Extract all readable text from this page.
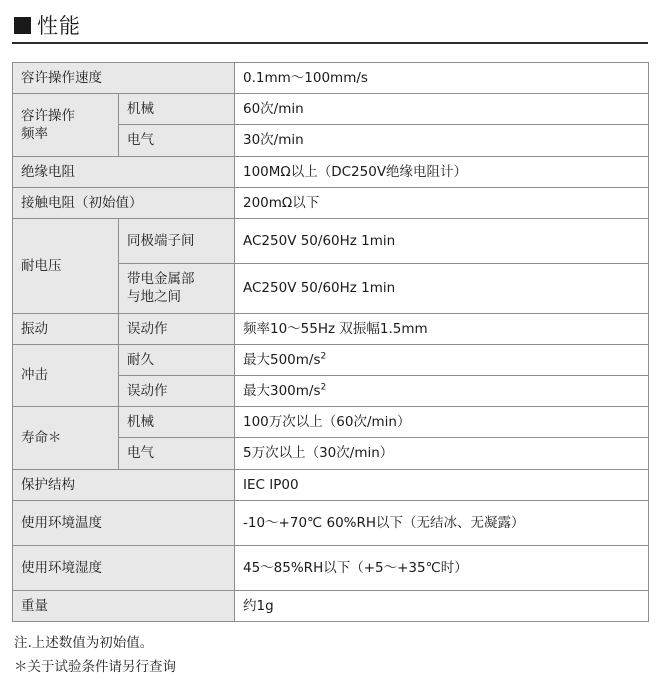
性能
容许操作速度		0.1mm～100mm/s

容许操作
频率	机械	60次/min
	电气	30次/min
绝缘电阻		100MΩ以上（DC250V绝缘电阻计）
接触电阻（初始值）		200mΩ以下
耐电压	同极端子间	AC250V 50/60Hz 1min

	带电金属部
与地之间	AC250V 50/60Hz 1min
振动	误动作	频率10～55Hz 双振幅1.5mm
冲击	耐久	最大$500m/s^2$
	误动作	最大$300m/s^2$
寿命＊	机械	100万次以上（60次/min）
	电气	5万次以上（30次/min）
保护结构		IEC IP00
使用环境温度		-10～+70℃ 60%RH以下（无结冰、无凝露）
使用环境湿度		45～85%RH以下（+5～+35℃时）
重量		约1g
注.上述数值为初始值。
＊关于试验条件请另行查询
